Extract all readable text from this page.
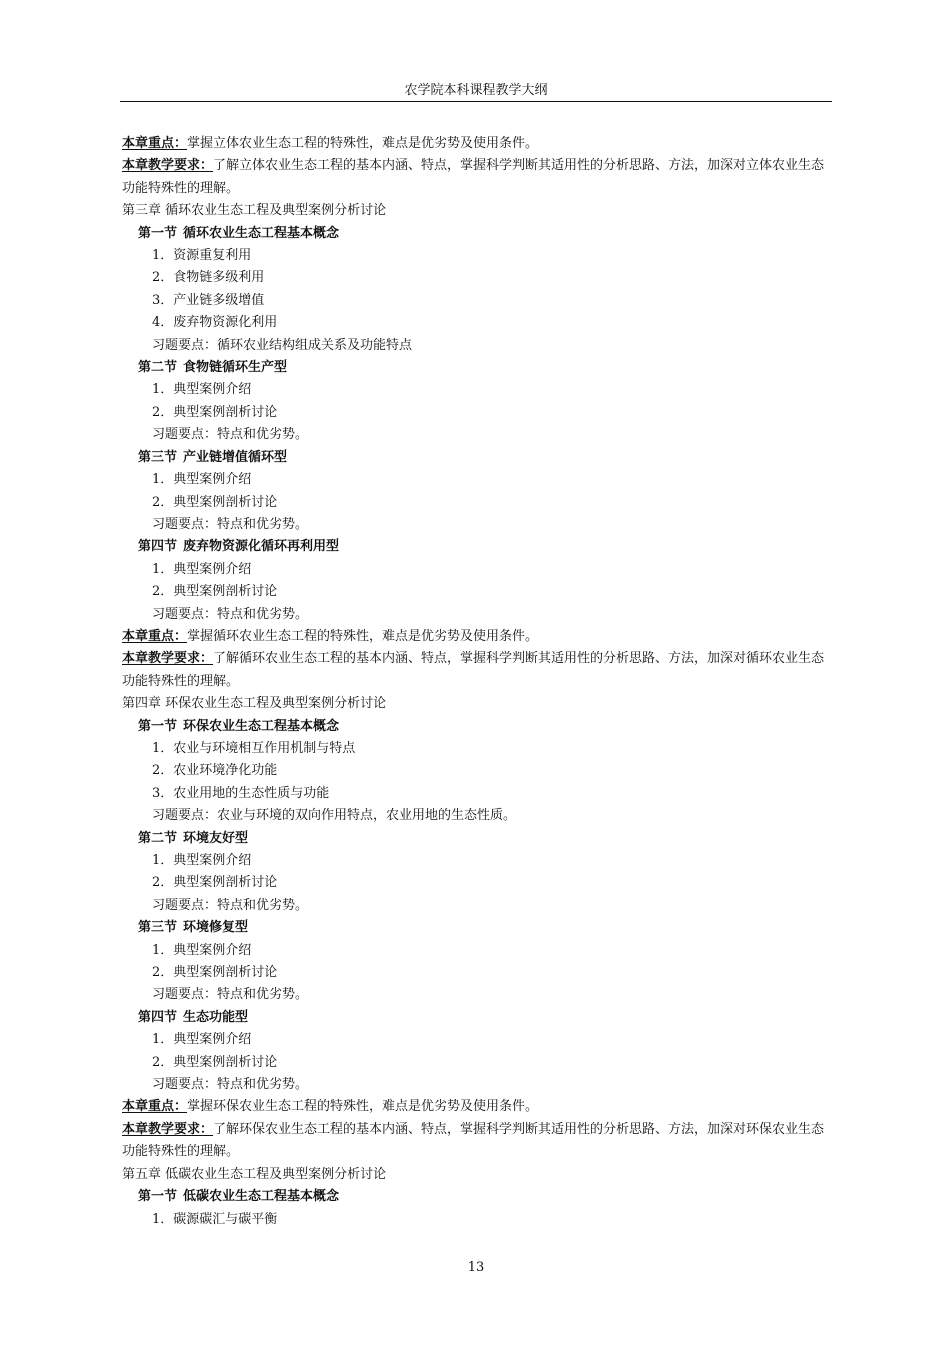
农学院本科课程教学大纲
本章重点：掌握立体农业生态工程的特殊性，难点是优劣势及使用条件。
本章教学要求：了解立体农业生态工程的基本内涵、特点，掌握科学判断其适用性的分析思路、方法，加深对立体农业生态功能特殊性的理解。
第三章 循环农业生态工程及典型案例分析讨论
第一节 循环农业生态工程基本概念
1．资源重复利用
2．食物链多级利用
3．产业链多级增值
4．废弃物资源化利用
习题要点：循环农业结构组成关系及功能特点
第二节 食物链循环生产型
1．典型案例介绍
2．典型案例剖析讨论
习题要点：特点和优劣势。
第三节 产业链增值循环型
1．典型案例介绍
2．典型案例剖析讨论
习题要点：特点和优劣势。
第四节 废弃物资源化循环再利用型
1．典型案例介绍
2．典型案例剖析讨论
习题要点：特点和优劣势。
本章重点：掌握循环农业生态工程的特殊性，难点是优劣势及使用条件。
本章教学要求：了解循环农业生态工程的基本内涵、特点，掌握科学判断其适用性的分析思路、方法，加深对循环农业生态功能特殊性的理解。
第四章 环保农业生态工程及典型案例分析讨论
第一节 环保农业生态工程基本概念
1．农业与环境相互作用机制与特点
2．农业环境净化功能
3．农业用地的生态性质与功能
习题要点：农业与环境的双向作用特点，农业用地的生态性质。
第二节 环境友好型
1．典型案例介绍
2．典型案例剖析讨论
习题要点：特点和优劣势。
第三节 环境修复型
1．典型案例介绍
2．典型案例剖析讨论
习题要点：特点和优劣势。
第四节 生态功能型
1．典型案例介绍
2．典型案例剖析讨论
习题要点：特点和优劣势。
本章重点：掌握环保农业生态工程的特殊性，难点是优劣势及使用条件。
本章教学要求：了解环保农业生态工程的基本内涵、特点，掌握科学判断其适用性的分析思路、方法，加深对环保农业生态功能特殊性的理解。
第五章 低碳农业生态工程及典型案例分析讨论
第一节 低碳农业生态工程基本概念
1．碳源碳汇与碳平衡
13
